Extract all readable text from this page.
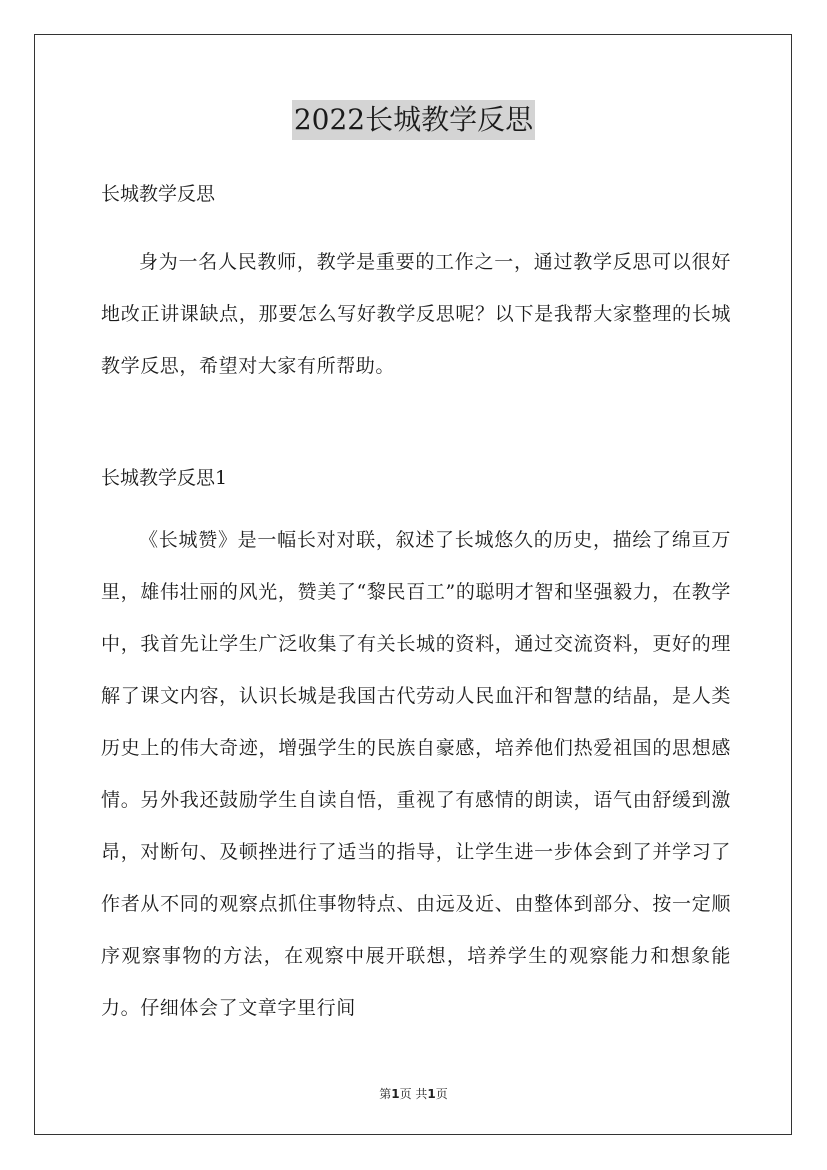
2022长城教学反思

长城教学反思

身为一名人民教师，教学是重要的工作之一，通过教学反思可以很好地改正讲课缺点，那要怎么写好教学反思呢？以下是我帮大家整理的长城教学反思，希望对大家有所帮助。

长城教学反思1

《长城赞》是一幅长对对联，叙述了长城悠久的历史，描绘了绵亘万里，雄伟壮丽的风光，赞美了“黎民百工”的聪明才智和坚强毅力，在教学中，我首先让学生广泛收集了有关长城的资料，通过交流资料，更好的理解了课文内容，认识长城是我国古代劳动人民血汗和智慧的结晶，是人类历史上的伟大奇迹，增强学生的民族自豪感，培养他们热爱祖国的思想感情。另外我还鼓励学生自读自悟，重视了有感情的朗读，语气由舒缓到激昂，对断句、及顿挫进行了适当的指导，让学生进一步体会到了并学习了作者从不同的观察点抓住事物特点、由远及近、由整体到部分、按一定顺序观察事物的方法，在观察中展开联想，培养学生的观察能力和想象能力。仔细体会了文章字里行间

第1页 共1页
